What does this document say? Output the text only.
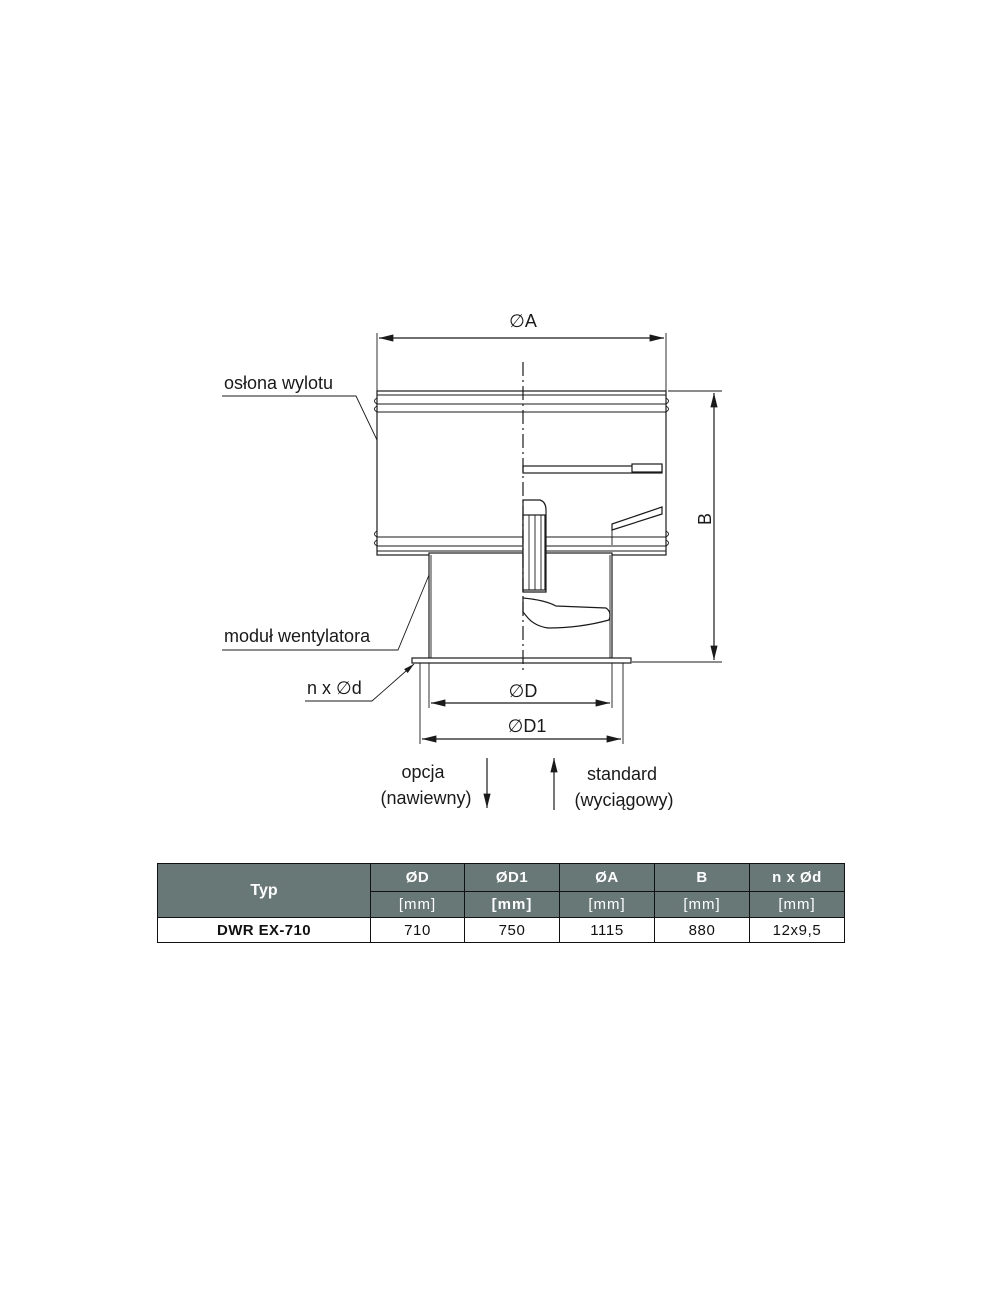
∅A
B
∅D
∅D1
osłona wylotu
moduł wentylatora
n x ∅d
opcja
(nawiewny)
standard
(wyciągowy)
Typ	ØD	ØD1	ØA	B	n x Ød
	[mm]	[mm]	[mm]	[mm]	[mm]
DWR EX-710	710	750	1115	880	12x9,5
